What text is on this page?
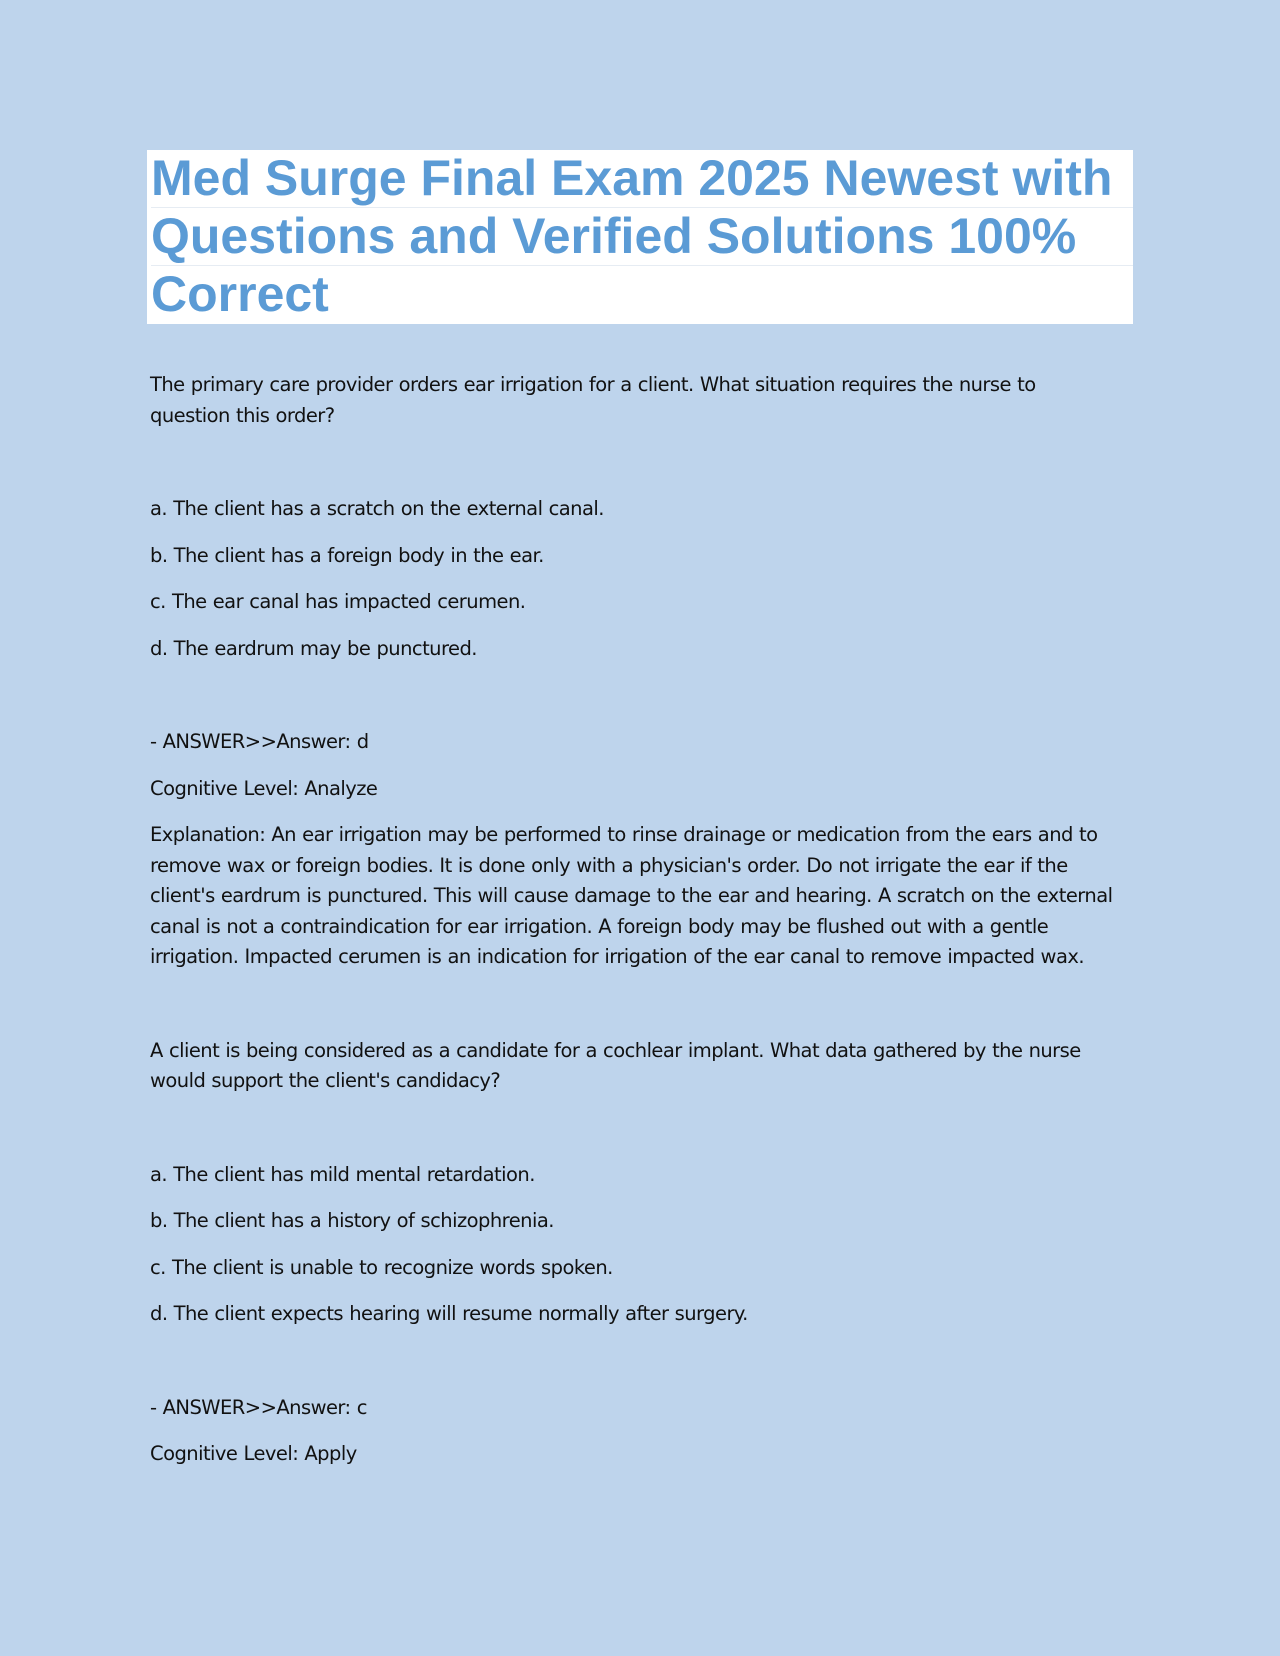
Med Surge Final Exam 2025 Newest with
Questions and Verified Solutions 100%
Correct

The primary care provider orders ear irrigation for a client. What situation requires the nurse to question this order?

a. The client has a scratch on the external canal.

b. The client has a foreign body in the ear.

c. The ear canal has impacted cerumen.

d. The eardrum may be punctured.

- ANSWER>>Answer: d

Cognitive Level: Analyze

Explanation: An ear irrigation may be performed to rinse drainage or medication from the ears and to remove wax or foreign bodies. It is done only with a physician's order. Do not irrigate the ear if the client's eardrum is punctured. This will cause damage to the ear and hearing. A scratch on the external canal is not a contraindication for ear irrigation. A foreign body may be flushed out with a gentle irrigation. Impacted cerumen is an indication for irrigation of the ear canal to remove impacted wax.

A client is being considered as a candidate for a cochlear implant. What data gathered by the nurse would support the client's candidacy?

a. The client has mild mental retardation.

b. The client has a history of schizophrenia.

c. The client is unable to recognize words spoken.

d. The client expects hearing will resume normally after surgery.

- ANSWER>>Answer: c

Cognitive Level: Apply
